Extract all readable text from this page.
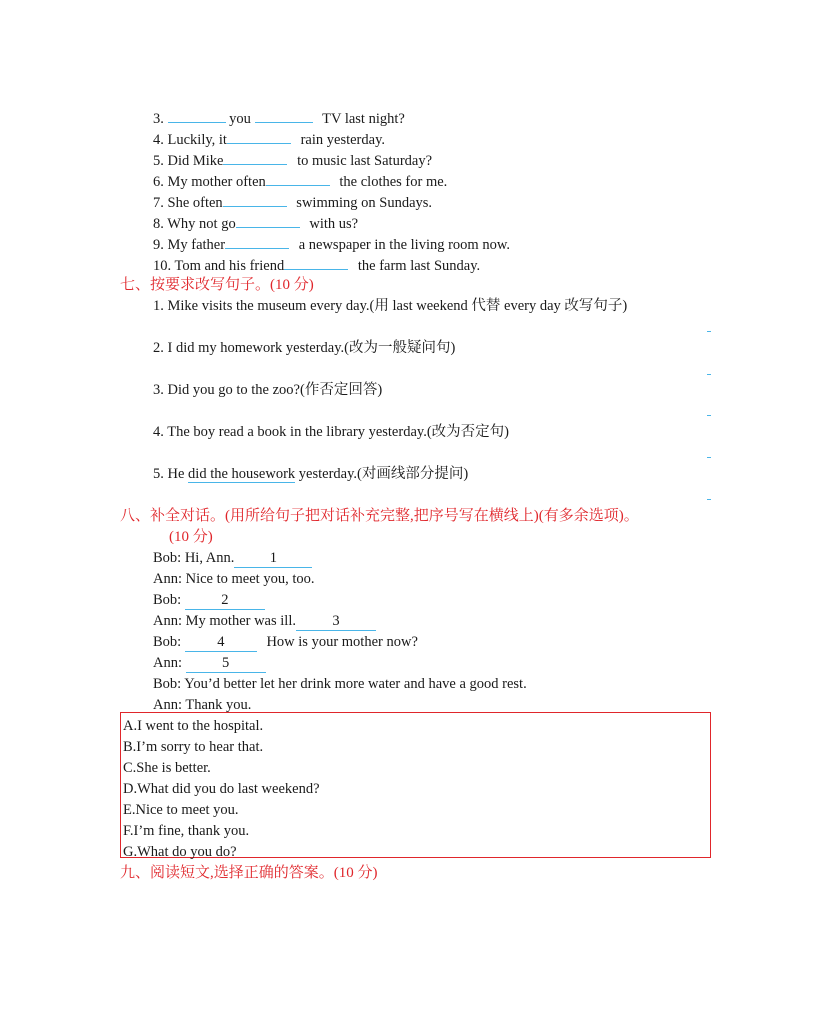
3.	you	TV last night?
4. Luckily, it	rain yesterday.
5. Did Mike	to music last Saturday?
6. My mother often	the clothes for me.
7. She often	swimming on Sundays.
8. Why not go	with us?
9. My father	a newspaper in the living room now.
10. Tom and his friend	the farm last Sunday.
七、按要求改写句子。(10 分)
1. Mike visits the museum every day.(用 last weekend 代替 every day 改写句子)
2. I did my homework yesterday.(改为一般疑问句)
3. Did you go to the zoo?(作否定回答)
4. The boy read a book in the library yesterday.(改为否定句)
5. He did the housework yesterday.(对画线部分提问)
八、补全对话。(用所给句子把对话补充完整,把序号写在横线上)(有多余选项)。
(10 分)
Bob: Hi, Ann. 1
Ann: Nice to meet you, too.
Bob:	2
Ann: My mother was ill.	3
Bob: 4	How is your mother now?
Ann:	5
Bob: You’d better let her drink more water and have a good rest.
Ann: Thank you.
A.I went to the hospital.
B.I’m sorry to hear that.
C.She is better.
D.What did you do last weekend?
E.Nice to meet you.
F.I’m fine, thank you.
G.What do you do?
九、阅读短文,选择正确的答案。(10 分)
